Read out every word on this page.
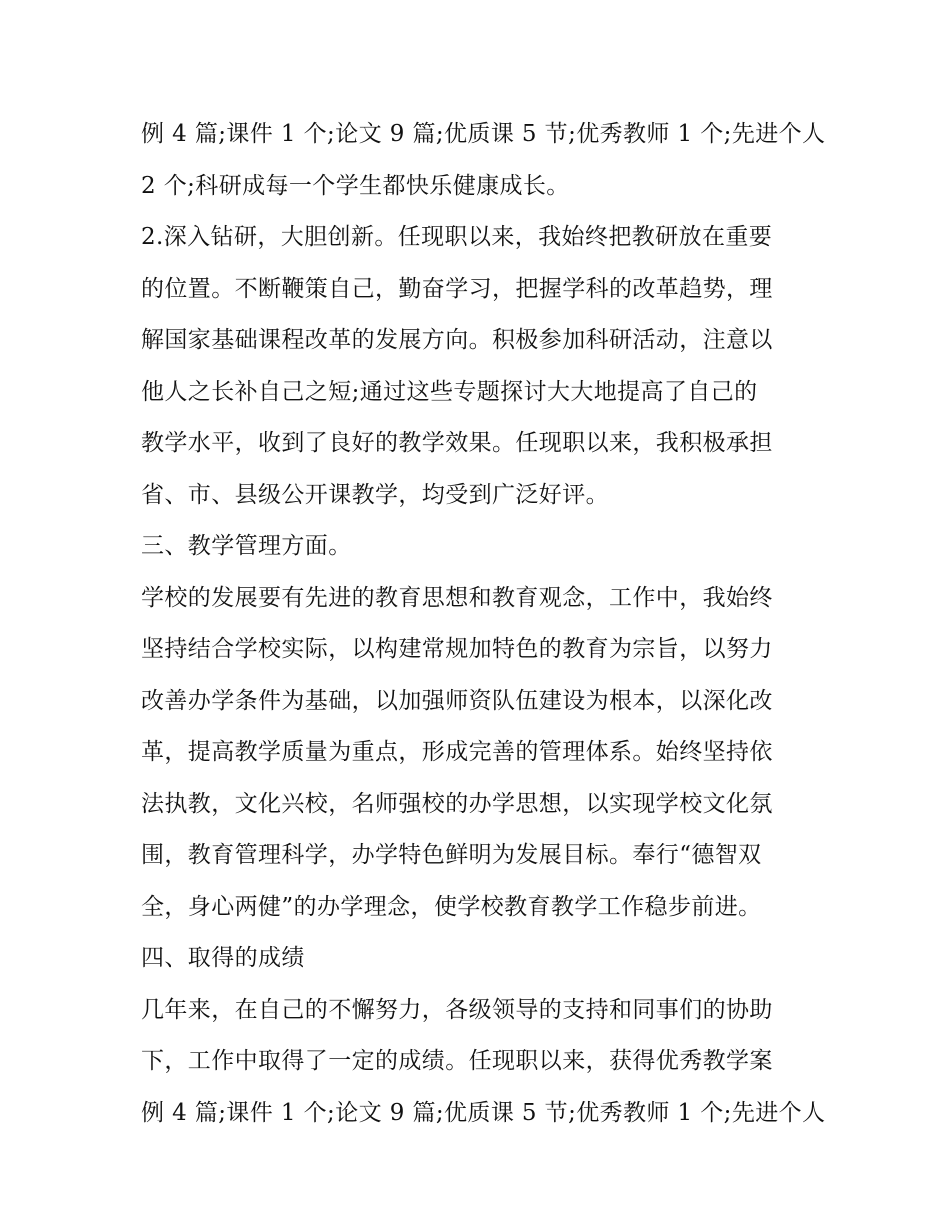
例 4 篇;课件 1 个;论文 9 篇;优质课 5 节;优秀教师 1 个;先进个人
2 个;科研成每一个学生都快乐健康成长。
2.深入钻研，大胆创新。任现职以来，我始终把教研放在重要
的位置。不断鞭策自己，勤奋学习，把握学科的改革趋势，理
解国家基础课程改革的发展方向。积极参加科研活动，注意以
他人之长补自己之短;通过这些专题探讨大大地提高了自己的
教学水平，收到了良好的教学效果。任现职以来，我积极承担
省、市、县级公开课教学，均受到广泛好评。
三、教学管理方面。
学校的发展要有先进的教育思想和教育观念，工作中，我始终
坚持结合学校实际，以构建常规加特色的教育为宗旨，以努力
改善办学条件为基础，以加强师资队伍建设为根本，以深化改
革，提高教学质量为重点，形成完善的管理体系。始终坚持依
法执教，文化兴校，名师强校的办学思想，以实现学校文化氛
围，教育管理科学，办学特色鲜明为发展目标。奉行“德智双
全，身心两健”的办学理念，使学校教育教学工作稳步前进。
四、取得的成绩
几年来，在自己的不懈努力，各级领导的支持和同事们的协助
下，工作中取得了一定的成绩。任现职以来，获得优秀教学案
例 4 篇;课件 1 个;论文 9 篇;优质课 5 节;优秀教师 1 个;先进个人
